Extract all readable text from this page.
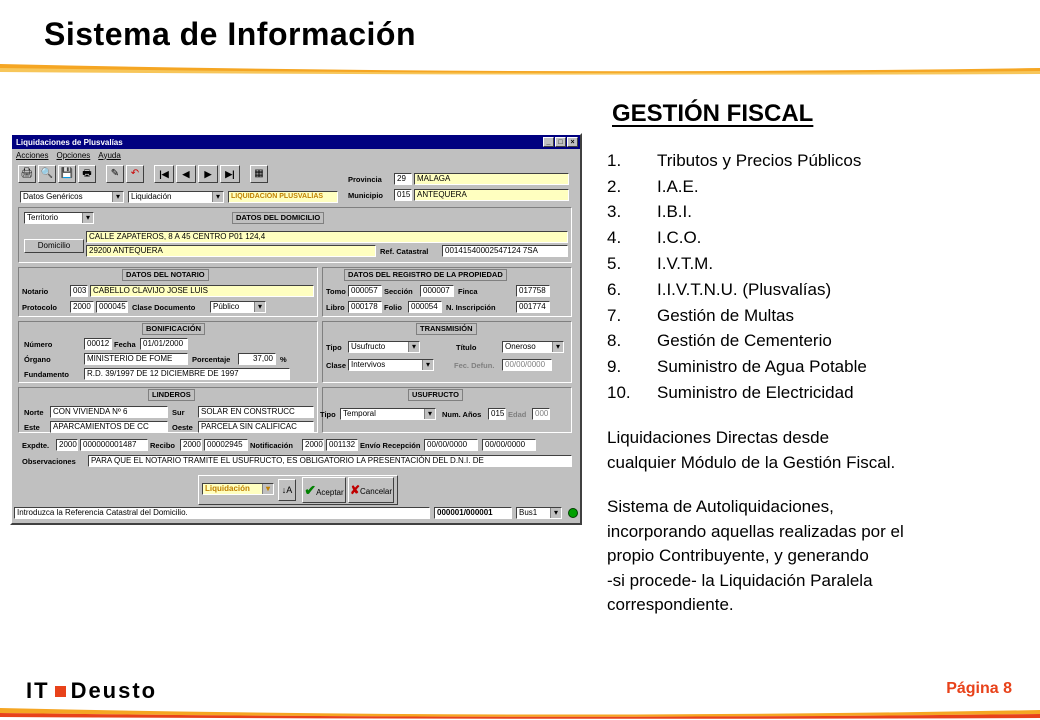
Sistema de Información
GESTIÓN FISCAL
1.	Tributos y Precios Públicos
2.	I.A.E.
3.	I.B.I.
4.	I.C.O.
5.	I.V.T.M.
6.	I.I.V.T.N.U. (Plusvalías)
7.	Gestión de Multas
8.	Gestión de Cementerio
9.	Suministro de Agua Potable
10.	Suministro de Electricidad
Liquidaciones Directas desde
cualquier Módulo de la Gestión Fiscal.
Sistema de Autoliquidaciones,
incorporando aquellas realizadas por el
propio Contribuyente, y generando
-si procede- la Liquidación Paralela
correspondiente.
IT Deusto	Página 8
Liquidaciones de Plusvalías	_	□	×
Acciones Opciones Ayuda
🖨 🔍 💾 🖶	✎	↶	|◀	◀	▶	▶|	▦
Provincia	29	MALAGA
Municipio	015 ANTEQUERA
Datos Genéricos ▾	Liquidación ▾	LIQUIDACIÓN PLUSVALÍAS
Territorio ▾	DATOS DEL DOMICILIO
Domicilio
CALLE ZAPATEROS, 8 A 45 CENTRO P01 124,4
29200 ANTEQUERA	Ref. Catastral	00141540002547124 7SA
DATOS DEL NOTARIO
Notario	003 CABELLO CLAVIJO JOSE LUIS
Protocolo	2000	000045 Clase Documento	Público ▾
DATOS DEL REGISTRO DE LA PROPIEDAD
Tomo 000057 Sección	000007	Finca	017758
Libro 000178 Folio	000054	N. Inscripción	001774
BONIFICACIÓN
Número	00012 Fecha 01/01/2000
Órgano	MINISTERIO DE FOME	Porcentaje	37,00 %
Fundamento	R.D. 39/1997 DE 12 DICIEMBRE DE 1997
TRANSMISIÓN
Tipo	Usufructo ▾	Título	Oneroso ▾
Clase Intervivos ▾	Fec. Defun.	00/00/0000
LINDEROS
Norte	CON VIVIENDA Nº 6	Sur	SOLAR EN CONSTRUCC
Este	APARCAMIENTOS DE CC	Oeste	PARCELA SIN CALIFICAC
USUFRUCTO
Tipo Temporal ▾	Num. Años	015 Edad	000
Expdte.	2000 000000001487	Recibo 2000 00002945 Notificación	2000 001132 Envío Recepción 00/00/0000	00/00/0000
Observaciones	PARA QUE EL NOTARIO TRAMITE EL USUFRUCTO, ES OBLIGATORIO LA PRESENTACIÓN DEL D.N.I. DE
Liquidación ▾	↓A ✔Aceptar ✘Cancelar
Introduzca la Referencia Catastral del Domicilio.	000001/000001	Bus1 ▾
